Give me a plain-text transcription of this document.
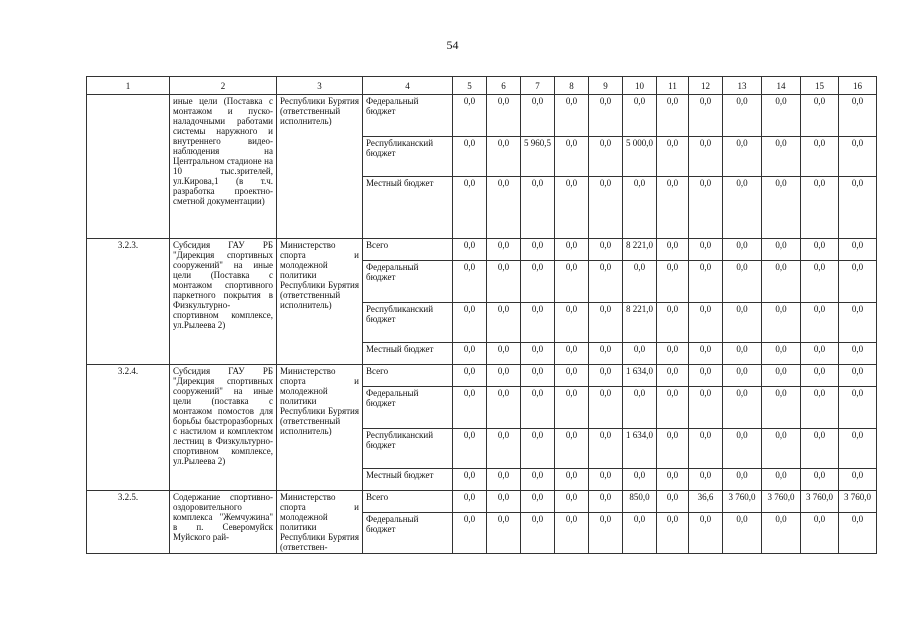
54
1	2	3	4	5	6	7	8	9	10	11	12	13	14	15	16
	иные цели (Поставка с монтажом и пуско-наладочными работами системы наружного и внутреннего видео-наблюдения на Центральном стадионе на 10 тыс.зрителей, ул.Кирова,1 (в т.ч. разработка проектно-сметной документации)	Республики Бурятия (ответственный исполнитель)	Федеральный бюджет	0,0	0,0	0,0	0,0	0,0	0,0	0,0	0,0	0,0	0,0	0,0	0,0
			Республиканский бюджет	0,0	0,0	5 960,5	0,0	0,0	5 000,0	0,0	0,0	0,0	0,0	0,0	0,0
			Местный бюджет	0,0	0,0	0,0	0,0	0,0	0,0	0,0	0,0	0,0	0,0	0,0	0,0
3.2.3.	Субсидия ГАУ РБ "Дирекция спортивных сооружений" на иные цели (Поставка с монтажом спортивного паркетного покрытия в Физкультурно-спортивном комплексе, ул.Рылеева 2)	Министерство спорта и молодежной политики Республики Бурятия (ответственный исполнитель)	Всего	0,0	0,0	0,0	0,0	0,0	8 221,0	0,0	0,0	0,0	0,0	0,0	0,0
			Федеральный бюджет	0,0	0,0	0,0	0,0	0,0	0,0	0,0	0,0	0,0	0,0	0,0	0,0
			Республиканский бюджет	0,0	0,0	0,0	0,0	0,0	8 221,0	0,0	0,0	0,0	0,0	0,0	0,0
			Местный бюджет	0,0	0,0	0,0	0,0	0,0	0,0	0,0	0,0	0,0	0,0	0,0	0,0
3.2.4.	Субсидия ГАУ РБ "Дирекция спортивных сооружений" на иные цели (поставка с монтажом помостов для борьбы быстроразборных с настилом и комплектом лестниц в Физкультурно-спортивном комплексе, ул.Рылеева 2)	Министерство спорта и молодежной политики Республики Бурятия (ответственный исполнитель)	Всего	0,0	0,0	0,0	0,0	0,0	1 634,0	0,0	0,0	0,0	0,0	0,0	0,0
			Федеральный бюджет	0,0	0,0	0,0	0,0	0,0	0,0	0,0	0,0	0,0	0,0	0,0	0,0
			Республиканский бюджет	0,0	0,0	0,0	0,0	0,0	1 634,0	0,0	0,0	0,0	0,0	0,0	0,0
			Местный бюджет	0,0	0,0	0,0	0,0	0,0	0,0	0,0	0,0	0,0	0,0	0,0	0,0
3.2.5.	Содержание спортивно-оздоровительного комплекса "Жемчужина" в п. Северомуйск Муйского рай-	Министерство спорта и молодежной политики Республики Бурятия (ответствен-	Всего	0,0	0,0	0,0	0,0	0,0	850,0	0,0	36,6	3 760,0	3 760,0	3 760,0	3 760,0
			Федеральный бюджет	0,0	0,0	0,0	0,0	0,0	0,0	0,0	0,0	0,0	0,0	0,0	0,0
